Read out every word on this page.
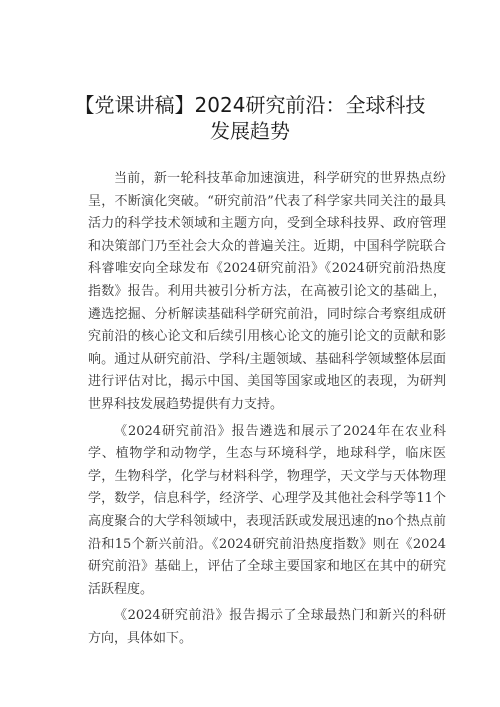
【党课讲稿】2024研究前沿：全球科技发展趋势

当前，新一轮科技革命加速演进，科学研究的世界热点纷呈，不断演化突破。“研究前沿”代表了科学家共同关注的最具活力的科学技术领域和主题方向，受到全球科技界、政府管理和决策部门乃至社会大众的普遍关注。近期，中国科学院联合科睿唯安向全球发布《2024研究前沿》《2024研究前沿热度指数》报告。利用共被引分析方法，在高被引论文的基础上，遴选挖掘、分析解读基础科学研究前沿，同时综合考察组成研究前沿的核心论文和后续引用核心论文的施引论文的贡献和影响。通过从研究前沿、学科/主题领域、基础科学领域整体层面进行评估对比，揭示中国、美国等国家或地区的表现，为研判世界科技发展趋势提供有力支持。

《2024研究前沿》报告遴选和展示了2024年在农业科学、植物学和动物学，生态与环境科学，地球科学，临床医学，生物科学，化学与材料科学，物理学，天文学与天体物理学，数学，信息科学，经济学、心理学及其他社会科学等11个高度聚合的大学科领域中，表现活跃或发展迅速的no个热点前沿和15个新兴前沿。《2024研究前沿热度指数》则在《2024研究前沿》基础上，评估了全球主要国家和地区在其中的研究活跃程度。

《2024研究前沿》报告揭示了全球最热门和新兴的科研方向，具体如下。
